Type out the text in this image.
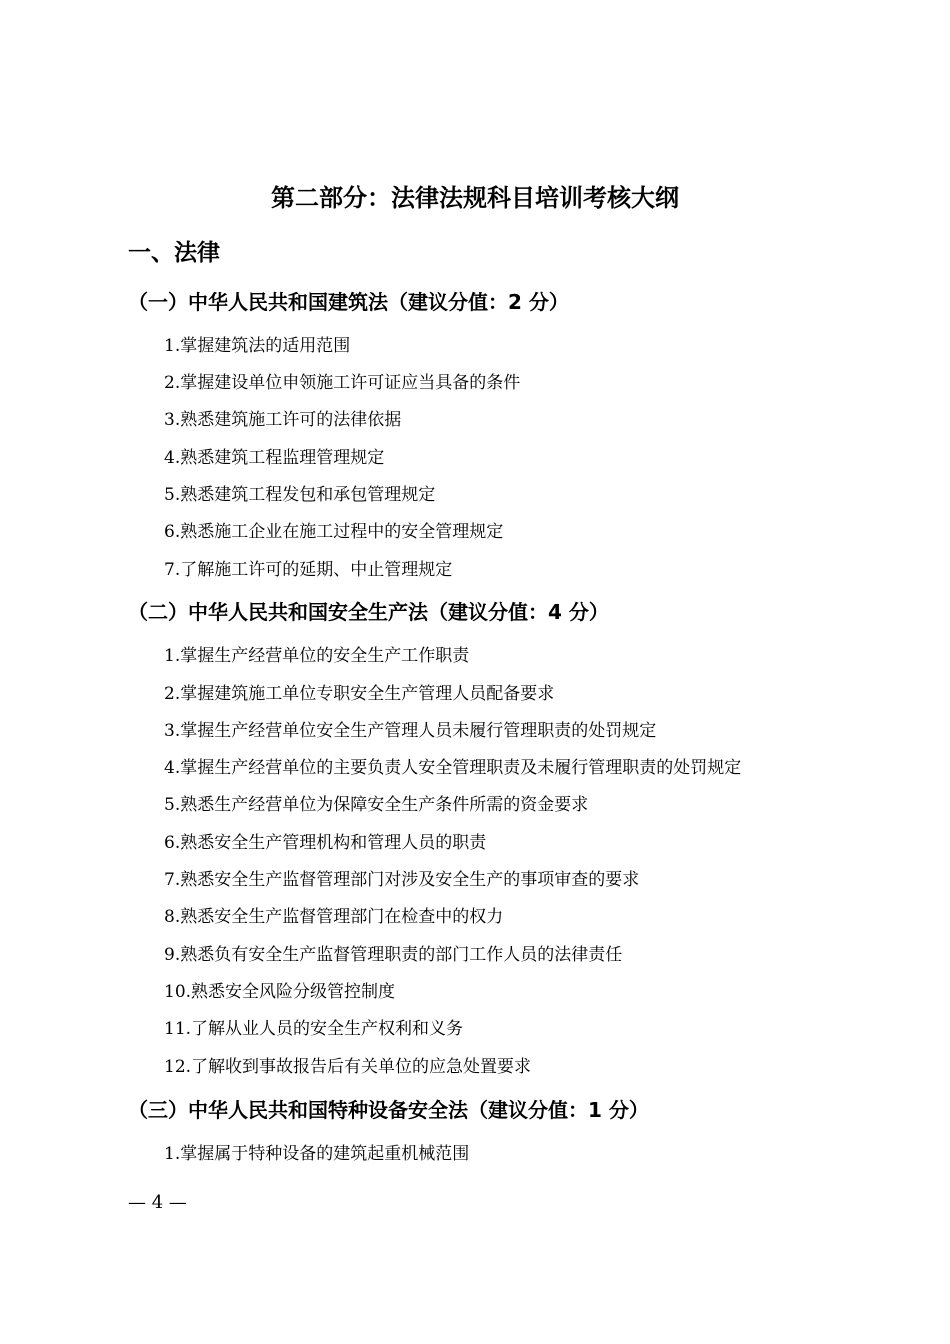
第二部分：法律法规科目培训考核大纲
一、法律
（一）中华人民共和国建筑法（建议分值：2 分）
1.掌握建筑法的适用范围
2.掌握建设单位申领施工许可证应当具备的条件
3.熟悉建筑施工许可的法律依据
4.熟悉建筑工程监理管理规定
5.熟悉建筑工程发包和承包管理规定
6.熟悉施工企业在施工过程中的安全管理规定
7.了解施工许可的延期、中止管理规定
（二）中华人民共和国安全生产法（建议分值：4 分）
1.掌握生产经营单位的安全生产工作职责
2.掌握建筑施工单位专职安全生产管理人员配备要求
3.掌握生产经营单位安全生产管理人员未履行管理职责的处罚规定
4.掌握生产经营单位的主要负责人安全管理职责及未履行管理职责的处罚规定
5.熟悉生产经营单位为保障安全生产条件所需的资金要求
6.熟悉安全生产管理机构和管理人员的职责
7.熟悉安全生产监督管理部门对涉及安全生产的事项审查的要求
8.熟悉安全生产监督管理部门在检查中的权力
9.熟悉负有安全生产监督管理职责的部门工作人员的法律责任
10.熟悉安全风险分级管控制度
11.了解从业人员的安全生产权利和义务
12.了解收到事故报告后有关单位的应急处置要求
（三）中华人民共和国特种设备安全法（建议分值：1 分）
1.掌握属于特种设备的建筑起重机械范围
— 4 —
